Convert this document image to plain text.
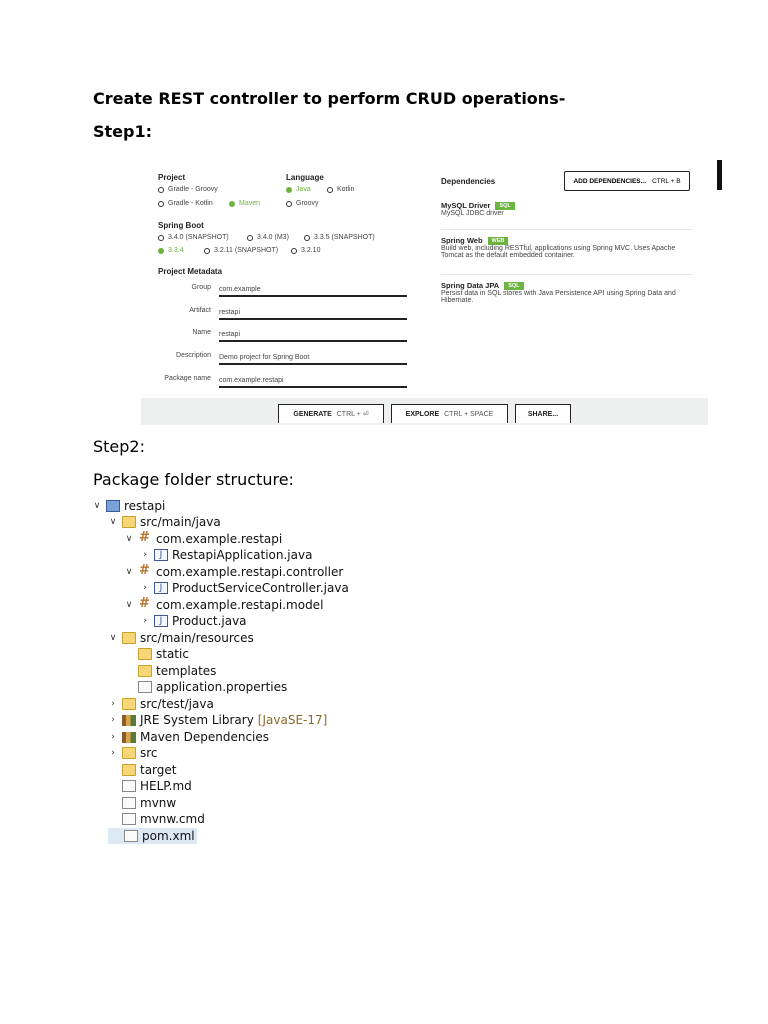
Create REST controller to perform CRUD operations-
Step1:
Project
Gradle - Groovy
Gradle - Kotlin	Maven
Language
Java	Kotlin
Groovy
Spring Boot
3.4.0 (SNAPSHOT)	3.4.0 (M3)	3.3.5 (SNAPSHOT)
3.3.4	3.2.11 (SNAPSHOT)	3.2.10
Project Metadata
Group com.example
Artifact restapi
Name restapi
Description Demo project for Spring Boot
Package name com.example.restapi
Dependencies
MySQL Driver	SQL
MySQL JDBC driver
Spring Web	WEB
Build web, including RESTful, applications using Spring MVC. Uses Apache Tomcat as the default embedded container.
Spring Data JPA	SQL
Persist data in SQL stores with Java Persistence API using Spring Data and Hibernate.
ADD DEPENDENCIES... CTRL + B
GENERATE CTRL + ⏎	EXPLORE CTRL + SPACE	SHARE...
Step2:
Package folder structure:
∨ restapi
∨ src/main/java
∨ # com.example.restapi
›	J RestapiApplication.java
∨ # com.example.restapi.controller
›	J ProductServiceController.java
∨ # com.example.restapi.model
›	J Product.java
∨ src/main/resources
static
templates
application.properties
› src/test/java
› JRE System Library [JavaSE-17]
› Maven Dependencies
› src
target
HELP.md
mvnw
mvnw.cmd
pom.xml
